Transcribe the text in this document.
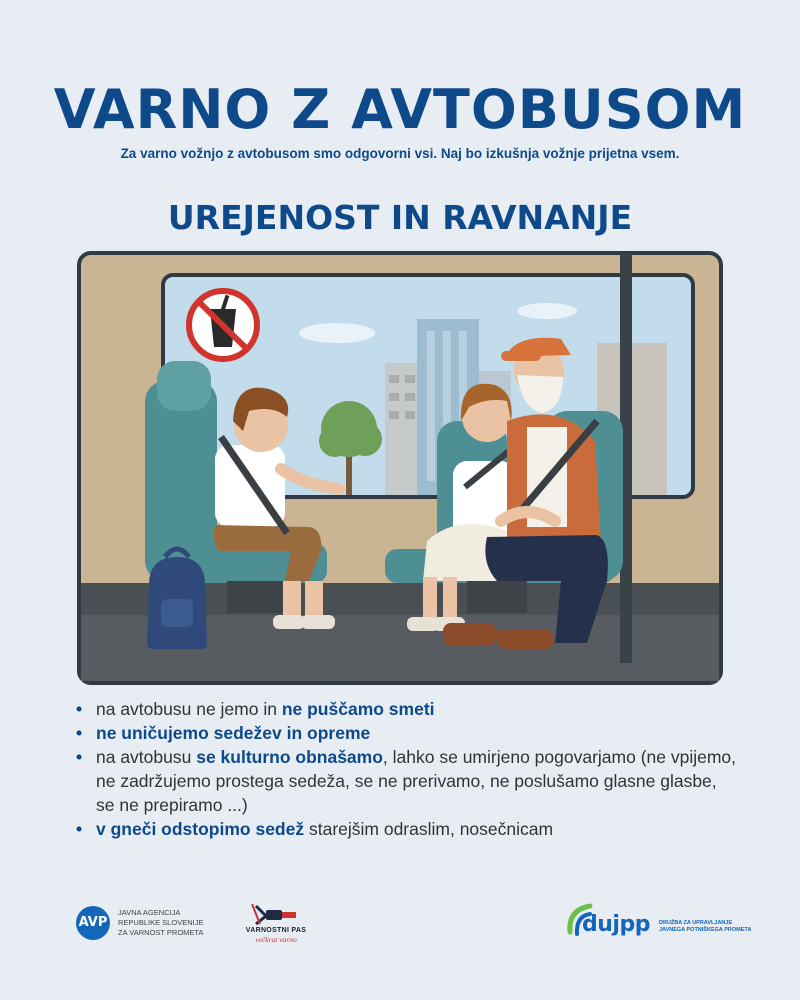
VARNO Z AVTOBUSOM

Za varno vožnjo z avtobusom smo odgovorni vsi. Naj bo izkušnja vožnje prijetna vsem.

UREJENOST IN RAVNANJE
• na avtobusu ne jemo in ne puščamo smeti
• ne uničujemo sedežev in opreme
• na avtobusu se kulturno obnašamo, lahko se umirjeno pogovarjamo (ne vpijemo, ne zadržujemo prostega sedeža, se ne prerivamo, ne poslušamo glasne glasbe, se ne prepiramo ...)
• v gneči odstopimo sedež starejšim odraslim, nosečnicam
AVP
JAVNA AGENCIJA
REPUBLIKE SLOVENIJE
ZA VARNOST PROMETA	VARNOSTNI PAS
večkrat varno
dujpp DRUŽBA ZA UPRAVLJANJE
JAVNEGA POTNIŠKEGA PROMETA
